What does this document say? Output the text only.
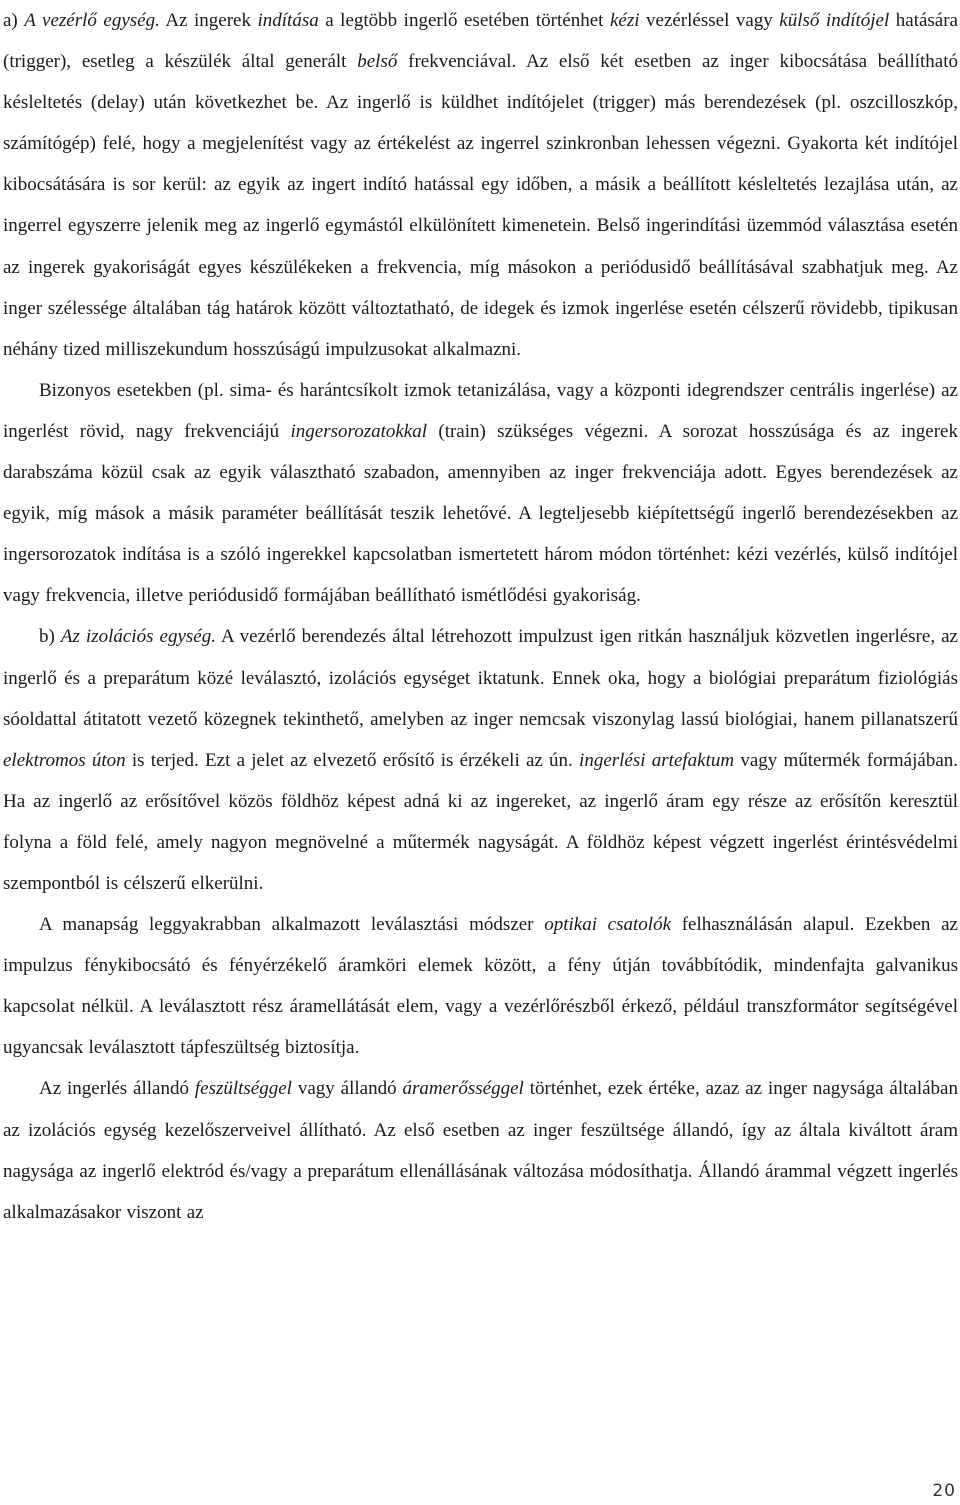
a) A vezérlő egység. Az ingerek indítása a legtöbb ingerlő esetében történhet kézi vezérléssel vagy külső indítójel hatására (trigger), esetleg a készülék által generált belső frekvenciával. Az első két esetben az inger kibocsátása beállítható késleltetés (delay) után következhet be. Az ingerlő is küldhet indítójelet (trigger) más berendezések (pl. oszcilloszkóp, számítógép) felé, hogy a megjelenítést vagy az értékelést az ingerrel szinkronban lehessen végezni. Gyakorta két indítójel kibocsátására is sor kerül: az egyik az ingert indító hatással egy időben, a másik a beállított késleltetés lezajlása után, az ingerrel egyszerre jelenik meg az ingerlő egymástól elkülönített kimenetein. Belső ingerindítási üzemmód választása esetén az ingerek gyakoriságát egyes készülékeken a frekvencia, míg másokon a periódusidő beállításával szabhatjuk meg. Az inger szélessége általában tág határok között változtatható, de idegek és izmok ingerlése esetén célszerű rövidebb, tipikusan néhány tized milliszekundum hosszúságú impulzusokat alkalmazni.

Bizonyos esetekben (pl. sima- és harántcsíkolt izmok tetanizálása, vagy a központi idegrendszer centrális ingerlése) az ingerlést rövid, nagy frekvenciájú ingersorozatokkal (train) szükséges végezni. A sorozat hosszúsága és az ingerek darabszáma közül csak az egyik választható szabadon, amennyiben az inger frekvenciája adott. Egyes berendezések az egyik, míg mások a másik paraméter beállítását teszik lehetővé. A legteljesebb kiépítettségű ingerlő berendezésekben az ingersorozatok indítása is a szóló ingerekkel kapcsolatban ismertetett három módon történhet: kézi vezérlés, külső indítójel vagy frekvencia, illetve periódusidő formájában beállítható ismétlődési gyakoriság.

b) Az izolációs egység. A vezérlő berendezés által létrehozott impulzust igen ritkán használjuk közvetlen ingerlésre, az ingerlő és a preparátum közé leválasztó, izolációs egységet iktatunk. Ennek oka, hogy a biológiai preparátum fiziológiás sóoldattal átitatott vezető közegnek tekinthető, amelyben az inger nemcsak viszonylag lassú biológiai, hanem pillanatszerű elektromos úton is terjed. Ezt a jelet az elvezető erősítő is érzékeli az ún. ingerlési artefaktum vagy műtermék formájában. Ha az ingerlő az erősítővel közös földhöz képest adná ki az ingereket, az ingerlő áram egy része az erősítőn keresztül folyna a föld felé, amely nagyon megnövelné a műtermék nagyságát. A földhöz képest végzett ingerlést érintésvédelmi szempontból is célszerű elkerülni.

A manapság leggyakrabban alkalmazott leválasztási módszer optikai csatolók felhasználásán alapul. Ezekben az impulzus fénykibocsátó és fényérzékelő áramköri elemek között, a fény útján továbbítódik, mindenfajta galvanikus kapcsolat nélkül. A leválasztott rész áramellátását elem, vagy a vezérlőrészből érkező, például transzformátor segítségével ugyancsak leválasztott tápfeszültség biztosítja.

Az ingerlés állandó feszültséggel vagy állandó áramerősséggel történhet, ezek értéke, azaz az inger nagysága általában az izolációs egység kezelőszerveivel állítható. Az első esetben az inger feszültsége állandó, így az általa kiváltott áram nagysága az ingerlő elektród és/vagy a preparátum ellenállásának változása módosíthatja. Állandó árammal végzett ingerlés alkalmazásakor viszont az

20
